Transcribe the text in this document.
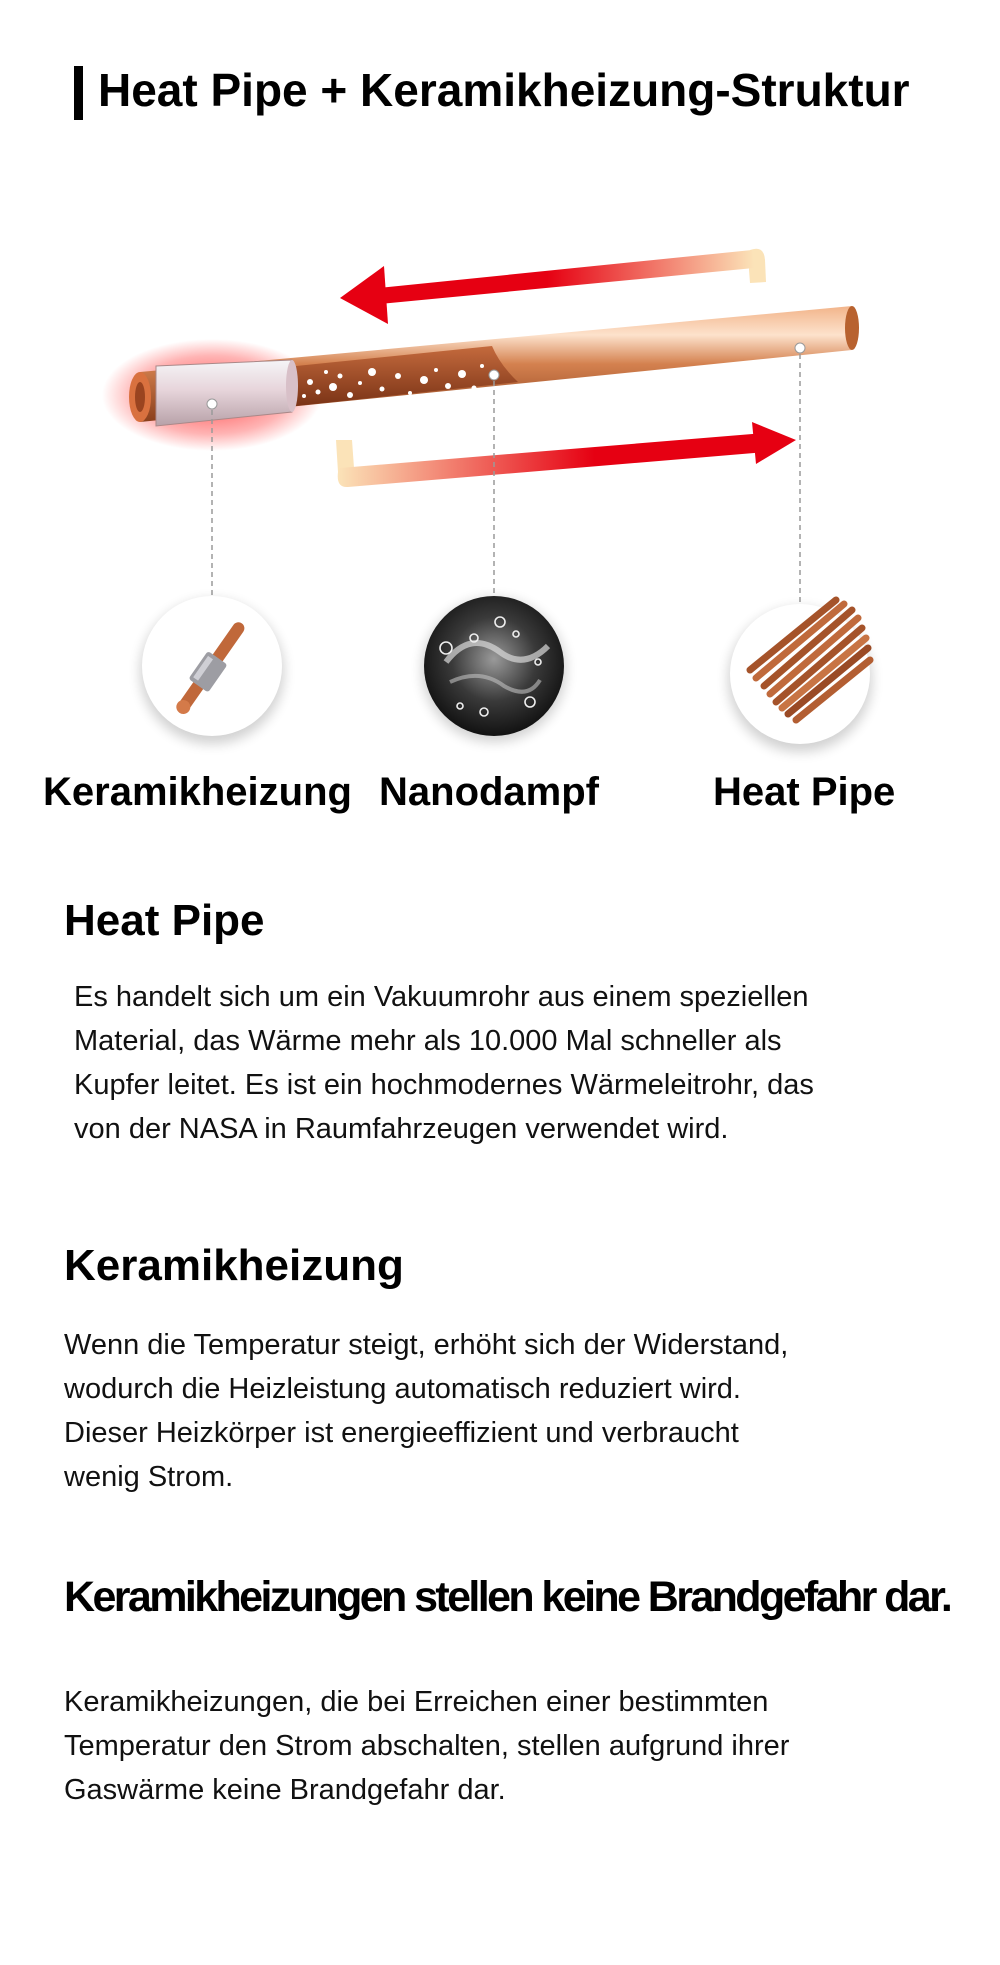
Heat Pipe + Keramikheizung-Struktur
Keramikheizung Nanodampf	Heat Pipe
Heat Pipe
Es handelt sich um ein Vakuumrohr aus einem speziellen
Material, das Wärme mehr als 10.000 Mal schneller als
Kupfer leitet. Es ist ein hochmodernes Wärmeleitrohr, das
von der NASA in Raumfahrzeugen verwendet wird.
Keramikheizung
Wenn die Temperatur steigt, erhöht sich der Widerstand,
wodurch die Heizleistung automatisch reduziert wird.
Dieser Heizkörper ist energieeffizient und verbraucht
wenig Strom.
Keramikheizungen stellen keine Brandgefahr dar.
Keramikheizungen, die bei Erreichen einer bestimmten
Temperatur den Strom abschalten, stellen aufgrund ihrer
Gaswärme keine Brandgefahr dar.
